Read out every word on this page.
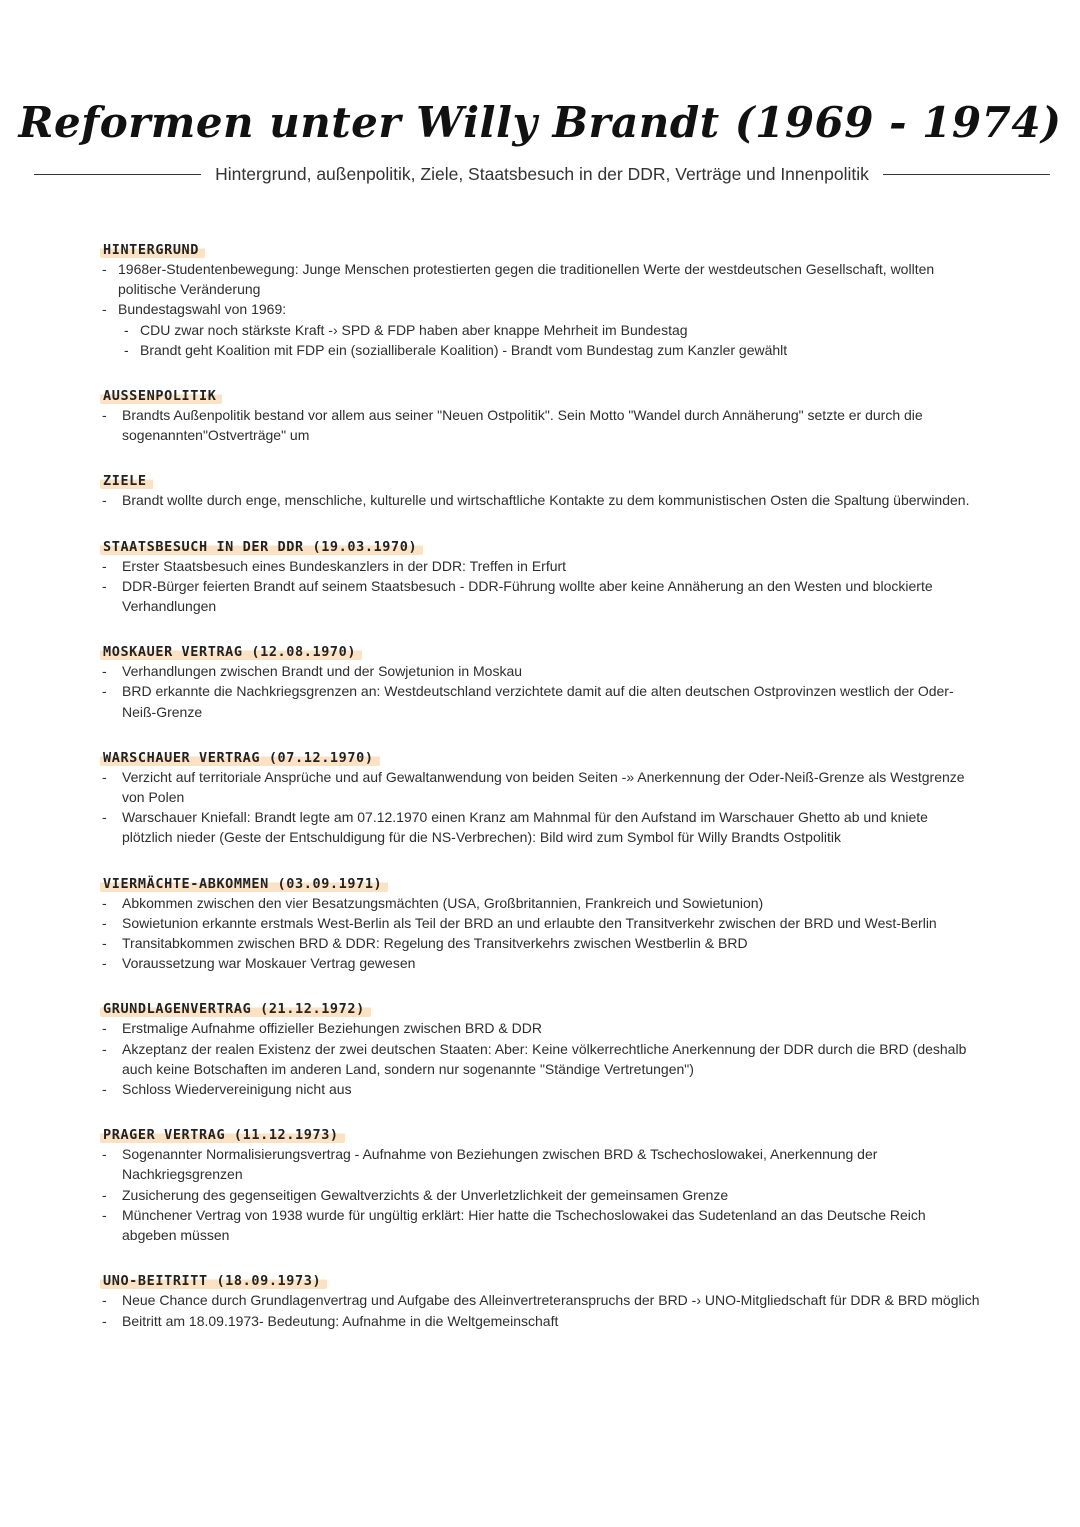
Reformen unter Willy Brandt (1969 - 1974)
Hintergrund, außenpolitik, Ziele, Staatsbesuch in der DDR, Verträge und Innenpolitik
HINTERGRUND
- 1968er-Studentenbewegung: Junge Menschen protestierten gegen die traditionellen Werte der westdeutschen Gesellschaft, wollten politische Veränderung
- Bundestagswahl von 1969:
- CDU zwar noch stärkste Kraft -› SPD & FDP haben aber knappe Mehrheit im Bundestag
- Brandt geht Koalition mit FDP ein (sozialliberale Koalition) - Brandt vom Bundestag zum Kanzler gewählt
AUSSENPOLITIK
- Brandts Außenpolitik bestand vor allem aus seiner "Neuen Ostpolitik". Sein Motto "Wandel durch Annäherung" setzte er durch die sogenannten"Ostverträge" um
ZIELE
- Brandt wollte durch enge, menschliche, kulturelle und wirtschaftliche Kontakte zu dem kommunistischen Osten die Spaltung überwinden.
STAATSBESUCH IN DER DDR (19.03.1970)
- Erster Staatsbesuch eines Bundeskanzlers in der DDR: Treffen in Erfurt
- DDR-Bürger feierten Brandt auf seinem Staatsbesuch - DDR-Führung wollte aber keine Annäherung an den Westen und blockierte Verhandlungen
MOSKAUER VERTRAG (12.08.1970)
- Verhandlungen zwischen Brandt und der Sowjetunion in Moskau
- BRD erkannte die Nachkriegsgrenzen an: Westdeutschland verzichtete damit auf die alten deutschen Ostprovinzen westlich der Oder-Neiß-Grenze
WARSCHAUER VERTRAG (07.12.1970)
- Verzicht auf territoriale Ansprüche und auf Gewaltanwendung von beiden Seiten -» Anerkennung der Oder-Neiß-Grenze als Westgrenze von Polen
- Warschauer Kniefall: Brandt legte am 07.12.1970 einen Kranz am Mahnmal für den Aufstand im Warschauer Ghetto ab und kniete plötzlich nieder (Geste der Entschuldigung für die NS-Verbrechen): Bild wird zum Symbol für Willy Brandts Ostpolitik
VIERMÄCHTE-ABKOMMEN (03.09.1971)
- Abkommen zwischen den vier Besatzungsmächten (USA, Großbritannien, Frankreich und Sowietunion)
- Sowietunion erkannte erstmals West-Berlin als Teil der BRD an und erlaubte den Transitverkehr zwischen der BRD und West-Berlin
- Transitabkommen zwischen BRD & DDR: Regelung des Transitverkehrs zwischen Westberlin & BRD
- Voraussetzung war Moskauer Vertrag gewesen
GRUNDLAGENVERTRAG (21.12.1972)
- Erstmalige Aufnahme offizieller Beziehungen zwischen BRD & DDR
- Akzeptanz der realen Existenz der zwei deutschen Staaten: Aber: Keine völkerrechtliche Anerkennung der DDR durch die BRD (deshalb auch keine Botschaften im anderen Land, sondern nur sogenannte "Ständige Vertretungen")
- Schloss Wiedervereinigung nicht aus
PRAGER VERTRAG (11.12.1973)
- Sogenannter Normalisierungsvertrag - Aufnahme von Beziehungen zwischen BRD & Tschechoslowakei, Anerkennung der Nachkriegsgrenzen
- Zusicherung des gegenseitigen Gewaltverzichts & der Unverletzlichkeit der gemeinsamen Grenze
- Münchener Vertrag von 1938 wurde für ungültig erklärt: Hier hatte die Tschechoslowakei das Sudetenland an das Deutsche Reich abgeben müssen
UNO-BEITRITT (18.09.1973)
- Neue Chance durch Grundlagenvertrag und Aufgabe des Alleinvertreteranspruchs der BRD -› UNO-Mitgliedschaft für DDR & BRD möglich
- Beitritt am 18.09.1973- Bedeutung: Aufnahme in die Weltgemeinschaft
